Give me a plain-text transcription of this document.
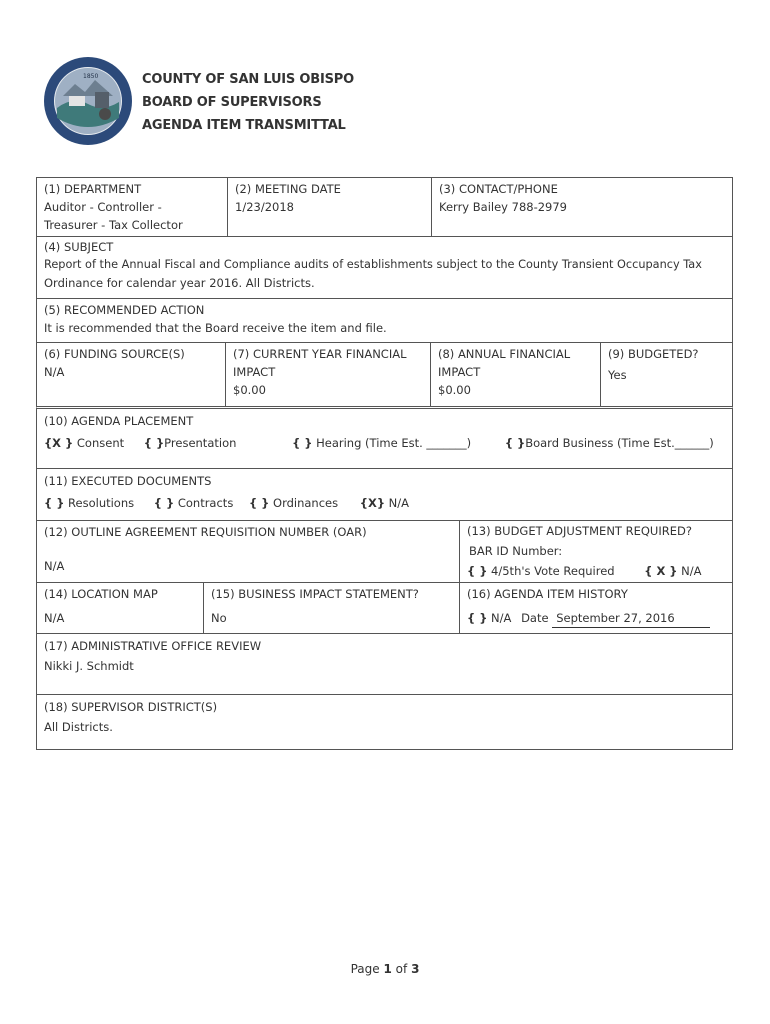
1850	COUNTY OF SAN LUIS OBISPO
BOARD OF SUPERVISORS
AGENDA ITEM TRANSMITTAL
(1) DEPARTMENT
Auditor - Controller -
Treasurer - Tax Collector
(2) MEETING DATE
1/23/2018
(3) CONTACT/PHONE
Kerry Bailey 788-2979
(4) SUBJECT
Report of the Annual Fiscal and Compliance audits of establishments subject to the County Transient Occupancy Tax
Ordinance for calendar year 2016. All Districts.
(5) RECOMMENDED ACTION
It is recommended that the Board receive the item and file.
(6) FUNDING SOURCE(S)
N/A
(7) CURRENT YEAR FINANCIAL
IMPACT
$0.00
(8) ANNUAL FINANCIAL
IMPACT
$0.00
(9) BUDGETED?
Yes
(10) AGENDA PLACEMENT
{X } Consent { }Presentation	{ } Hearing (Time Est. _______)	{ }Board Business (Time Est.______)
(11) EXECUTED DOCUMENTS
{ } Resolutions { } Contracts { } Ordinances {X} N/A
(12) OUTLINE AGREEMENT REQUISITION NUMBER (OAR)
N/A
(13) BUDGET ADJUSTMENT REQUIRED?
BAR ID Number:
{ } 4/5th's Vote Required	{ X } N/A
(14) LOCATION MAP
N/A
(15) BUSINESS IMPACT STATEMENT?
No
(16) AGENDA ITEM HISTORY
{ } N/A Date September 27, 2016
(17) ADMINISTRATIVE OFFICE REVIEW
Nikki J. Schmidt
(18) SUPERVISOR DISTRICT(S)
All Districts.
Page 1 of 3
